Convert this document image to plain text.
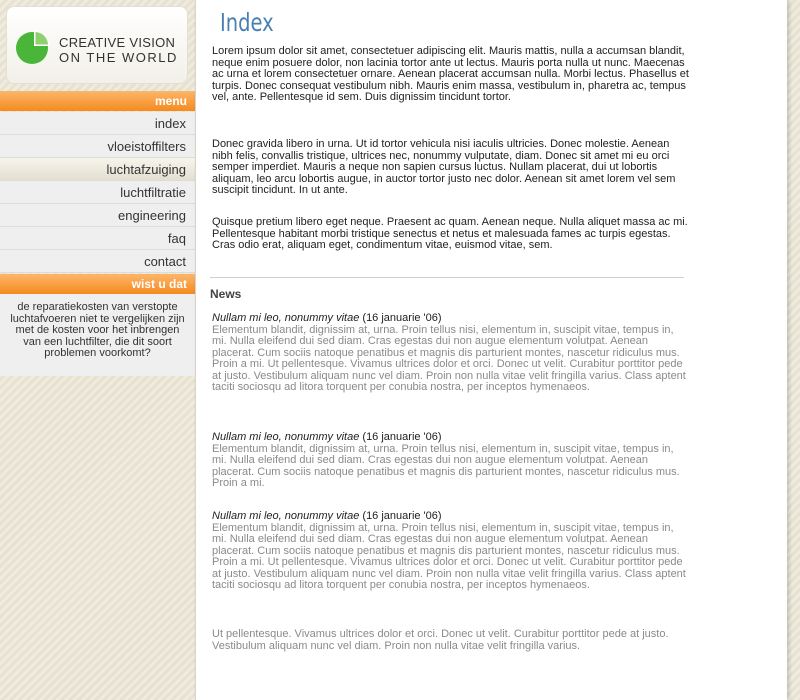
CREATIVE VISION
ON THE WORLD
menu
index
vloeistoffilters
luchtafzuiging
luchtfiltratie
engineering
faq
contact
wist u dat
de reparatiekosten van verstopte luchtafvoeren niet te vergelijken zijn met de kosten voor het inbrengen van een luchtfilter, die dit soort problemen voorkomt?
Index

Lorem ipsum dolor sit amet, consectetuer adipiscing elit. Mauris mattis, nulla a accumsan blandit, neque enim posuere dolor, non lacinia tortor ante ut lectus. Mauris porta nulla ut nunc. Maecenas ac urna et lorem consectetuer ornare. Aenean placerat accumsan nulla. Morbi lectus. Phasellus et turpis. Donec consequat vestibulum nibh. Mauris enim massa, vestibulum in, pharetra ac, tempus vel, ante. Pellentesque id sem. Duis dignissim tincidunt tortor.

Donec gravida libero in urna. Ut id tortor vehicula nisi iaculis ultricies. Donec molestie. Aenean nibh felis, convallis tristique, ultrices nec, nonummy vulputate, diam. Donec sit amet mi eu orci semper imperdiet. Mauris a neque non sapien cursus luctus. Nullam placerat, dui ut lobortis aliquam, leo arcu lobortis augue, in auctor tortor justo nec dolor. Aenean sit amet lorem vel sem suscipit tincidunt. In ut ante.

Quisque pretium libero eget neque. Praesent ac quam. Aenean neque. Nulla aliquet massa ac mi. Pellentesque habitant morbi tristique senectus et netus et malesuada fames ac turpis egestas. Cras odio erat, aliquam eget, condimentum vitae, euismod vitae, sem.

News
Nullam mi leo, nonummy vitae (16 januarie '06)
Elementum blandit, dignissim at, urna. Proin tellus nisi, elementum in, suscipit vitae, tempus in, mi. Nulla eleifend dui sed diam. Cras egestas dui non augue elementum volutpat. Aenean placerat. Cum sociis natoque penatibus et magnis dis parturient montes, nascetur ridiculus mus. Proin a mi. Ut pellentesque. Vivamus ultrices dolor et orci. Donec ut velit. Curabitur porttitor pede at justo. Vestibulum aliquam nunc vel diam. Proin non nulla vitae velit fringilla varius. Class aptent taciti sociosqu ad litora torquent per conubia nostra, per inceptos hymenaeos.
Nullam mi leo, nonummy vitae (16 januarie '06)
Elementum blandit, dignissim at, urna. Proin tellus nisi, elementum in, suscipit vitae, tempus in, mi. Nulla eleifend dui sed diam. Cras egestas dui non augue elementum volutpat. Aenean placerat. Cum sociis natoque penatibus et magnis dis parturient montes, nascetur ridiculus mus. Proin a mi.
Nullam mi leo, nonummy vitae (16 januarie '06)
Elementum blandit, dignissim at, urna. Proin tellus nisi, elementum in, suscipit vitae, tempus in, mi. Nulla eleifend dui sed diam. Cras egestas dui non augue elementum volutpat. Aenean placerat. Cum sociis natoque penatibus et magnis dis parturient montes, nascetur ridiculus mus. Proin a mi. Ut pellentesque. Vivamus ultrices dolor et orci. Donec ut velit. Curabitur porttitor pede at justo. Vestibulum aliquam nunc vel diam. Proin non nulla vitae velit fringilla varius. Class aptent taciti sociosqu ad litora torquent per conubia nostra, per inceptos hymenaeos.
Ut pellentesque. Vivamus ultrices dolor et orci. Donec ut velit. Curabitur porttitor pede at justo. Vestibulum aliquam nunc vel diam. Proin non nulla vitae velit fringilla varius.
